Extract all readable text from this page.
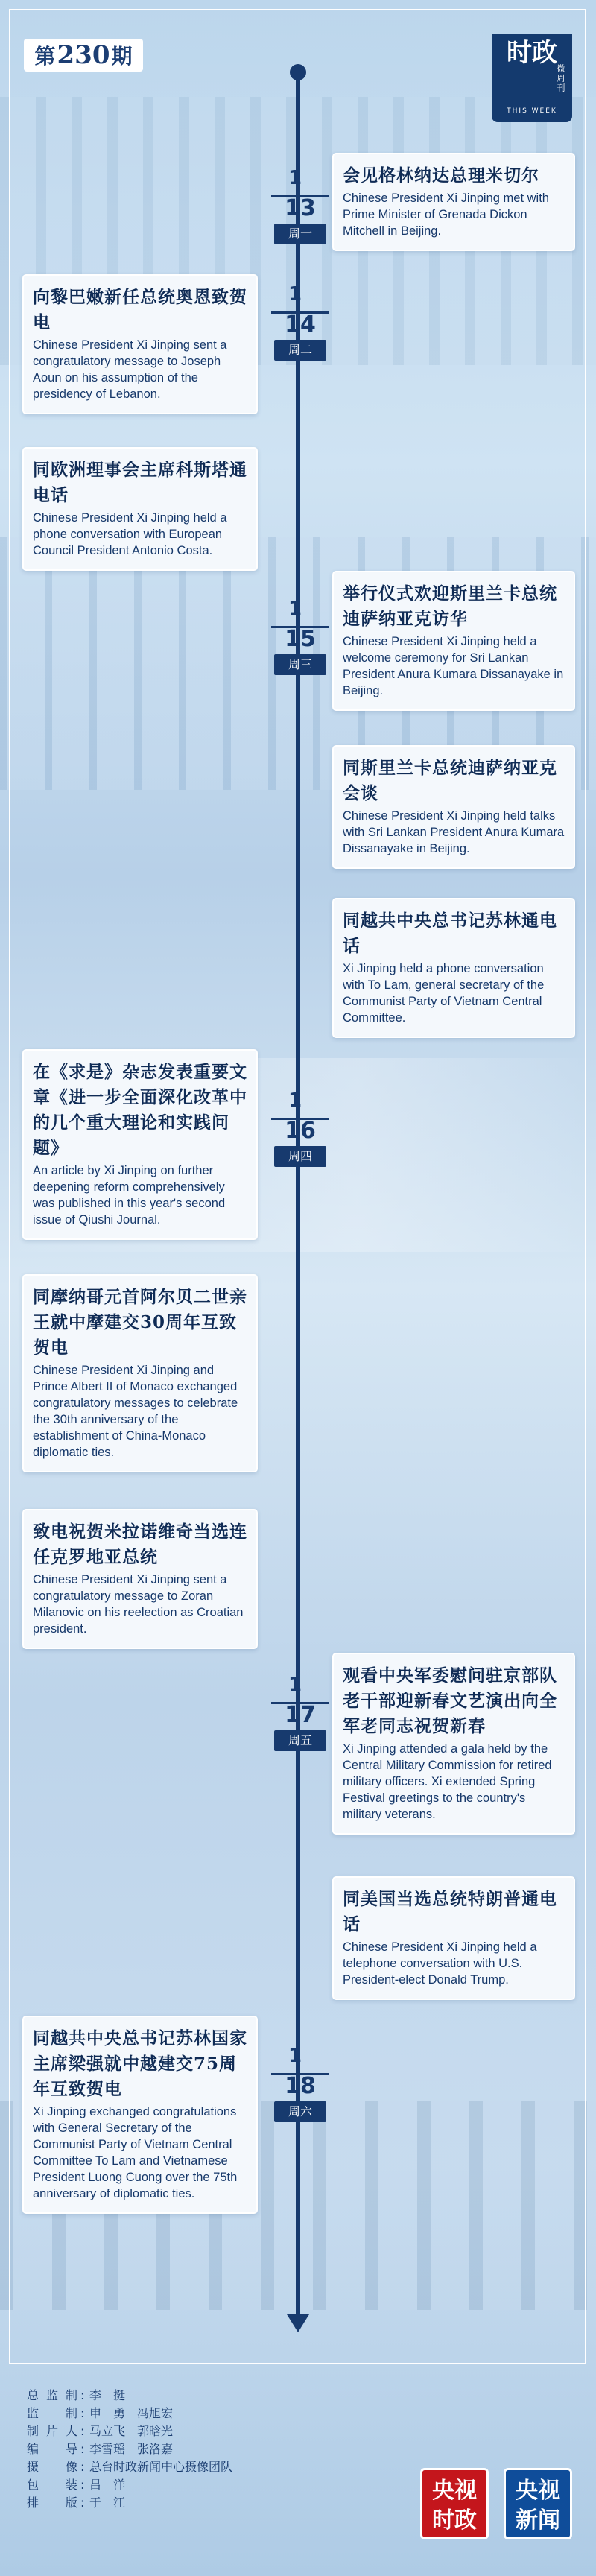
第 230 期	时政
微周刊
THIS WEEK
1
13
周一
1
14
周二
1
15
周三
1
16
周四
1
17
周五
1
18
周六
会见格林纳达总理米切尔
Chinese President Xi Jinping met with Prime Minister of Grenada Dickon Mitchell in Beijing.
向黎巴嫩新任总统奥恩致贺电
Chinese President Xi Jinping sent a congratulatory message to Joseph Aoun on his assumption of the presidency of Lebanon.
同欧洲理事会主席科斯塔通电话
Chinese President Xi Jinping held a phone conversation with European Council President Antonio Costa.
举行仪式欢迎斯里兰卡总统迪萨纳亚克访华
Chinese President Xi Jinping held a welcome ceremony for Sri Lankan President Anura Kumara Dissanayake in Beijing.
同斯里兰卡总统迪萨纳亚克会谈
Chinese President Xi Jinping held talks with Sri Lankan President Anura Kumara Dissanayake in Beijing.
同越共中央总书记苏林通电话
Xi Jinping held a phone conversation with To Lam, general secretary of the Communist Party of Vietnam Central Committee.
在《求是》杂志发表重要文章《进一步全面深化改革中的几个重大理论和实践问题》
An article by Xi Jinping on further deepening reform comprehensively was published in this year's second issue of Qiushi Journal.
同摩纳哥元首阿尔贝二世亲王就中摩建交30周年互致贺电
Chinese President Xi Jinping and Prince Albert II of Monaco exchanged congratulatory messages to celebrate the 30th anniversary of the establishment of China-Monaco diplomatic ties.
致电祝贺米拉诺维奇当选连任克罗地亚总统
Chinese President Xi Jinping sent a congratulatory message to Zoran Milanovic on his reelection as Croatian president.
观看中央军委慰问驻京部队老干部迎新春文艺演出向全军老同志祝贺新春
Xi Jinping attended a gala held by the Central Military Commission for retired military officers. Xi extended Spring Festival greetings to the country's military veterans.
同美国当选总统特朗普通电话
Chinese President Xi Jinping held a telephone conversation with U.S. President-elect Donald Trump.
同越共中央总书记苏林国家主席梁强就中越建交75周年互致贺电
Xi Jinping exchanged congratulations with General Secretary of the Communist Party of Vietnam Central Committee To Lam and Vietnamese President Luong Cuong over the 75th anniversary of diplomatic ties.
总监制 : 李　挺
监　制 : 申　勇　冯旭宏
制片人 : 马立飞　郭晗光
编　导 : 李雪瑶　张洛嘉
摄　像 : 总台时政新闻中心摄像团队
包　装 : 吕　洋
排　版 : 于　江	央视
时政
央视
新闻
